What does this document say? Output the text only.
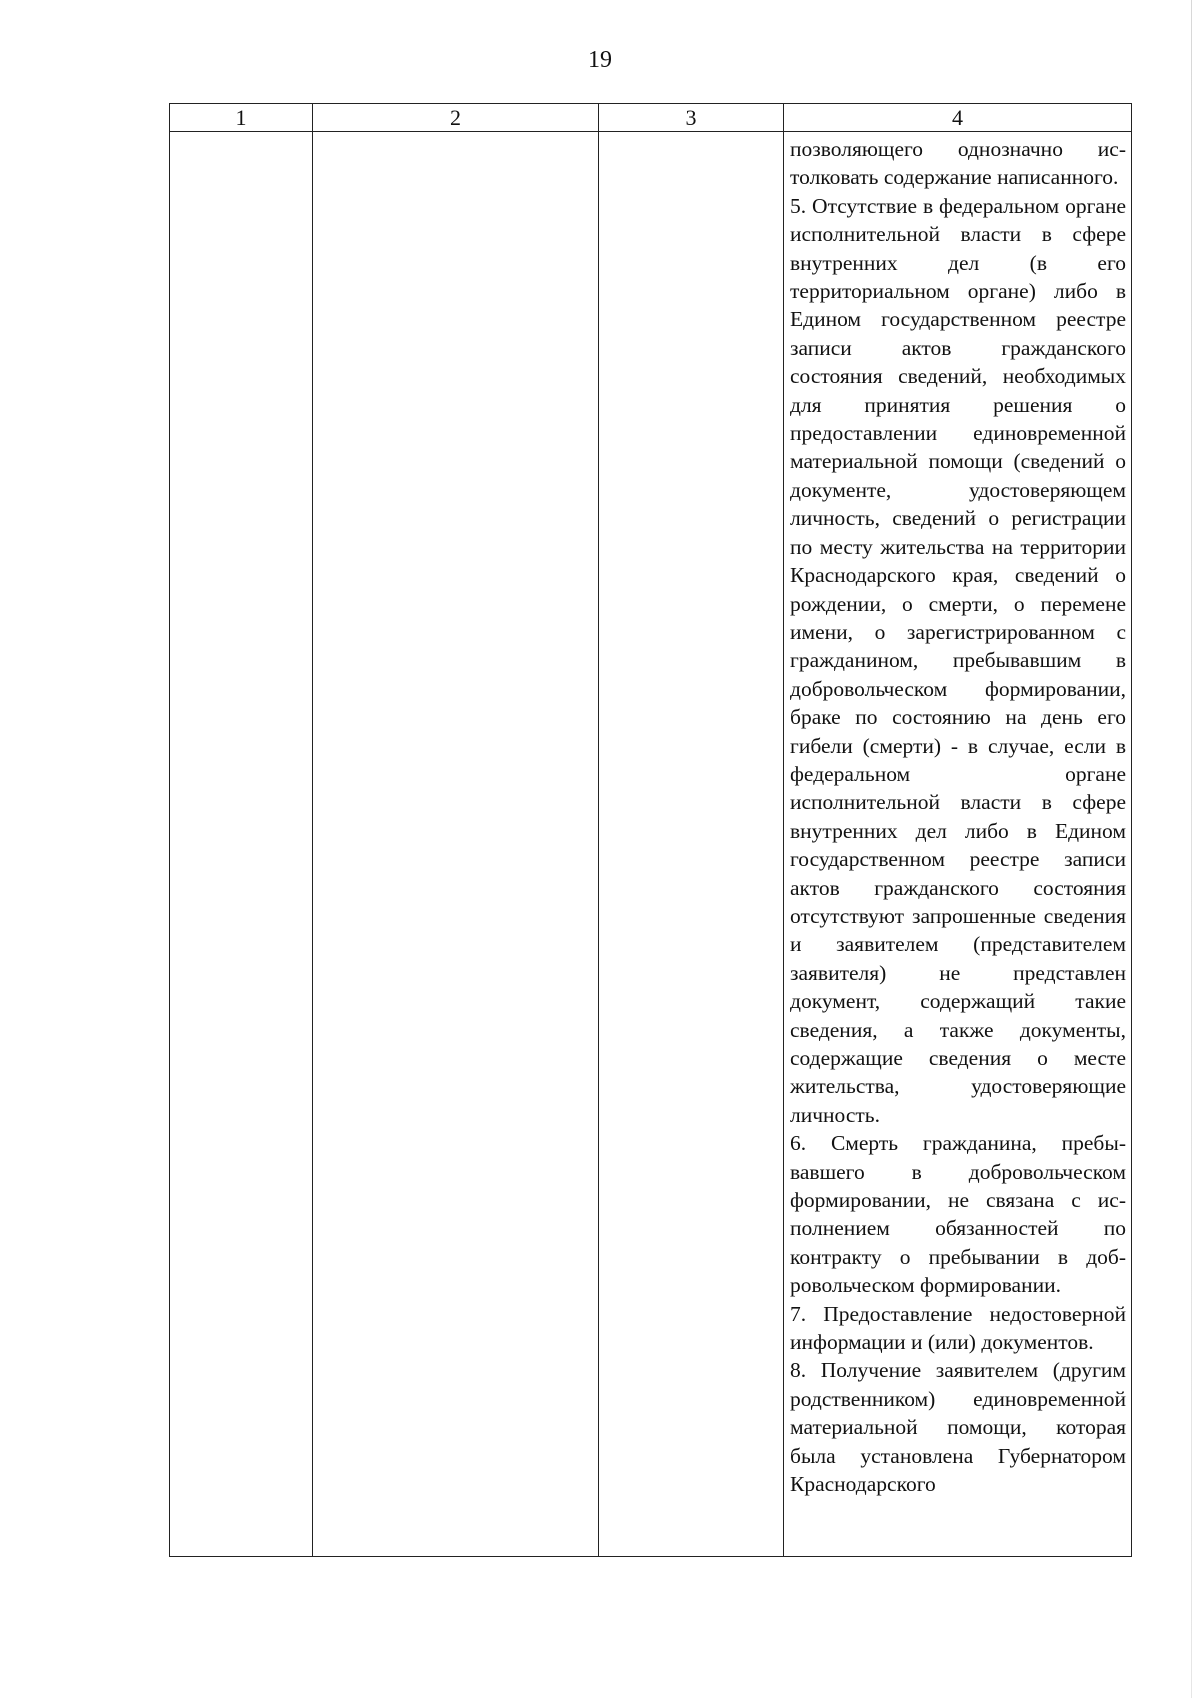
19
1	2	3	4

			позволяющего однозначно истолковать содержание написанного.

5. Отсутствие в федеральном органе исполнительной власти в сфере внутренних дел (в его территориальном органе) либо в Едином государственном реестре записи актов гражданского состояния сведений, необходимых для принятия решения о предоставлении единовременной материальной помощи (сведений о документе, удостоверяющем личность, сведений о регистрации по месту жительства на территории Краснодарского края, сведений о рождении, о смерти, о перемене имени, о зарегистрированном с гражданином, пребывавшим в добровольческом формировании, браке по состоянию на день его гибели (смерти) - в случае, если в федеральном органе исполнительной власти в сфере внутренних дел либо в Едином государственном реестре записи актов гражданского состояния отсутствуют запрошенные сведения и заявителем (представителем заявителя) не представлен документ, содержащий такие сведения, а также документы, содержащие сведения о месте жительства, удостоверяющие личность.

6. Смерть гражданина, пребывавшего в добровольческом формировании, не связана с исполнением обязанностей по контракту о пребывании в добровольческом формировании.

7. Предоставление недостоверной информации и (или) документов.

8. Получение заявителем (другим родственником) единовременной материальной помощи, которая была установлена Губернатором Краснодарского
